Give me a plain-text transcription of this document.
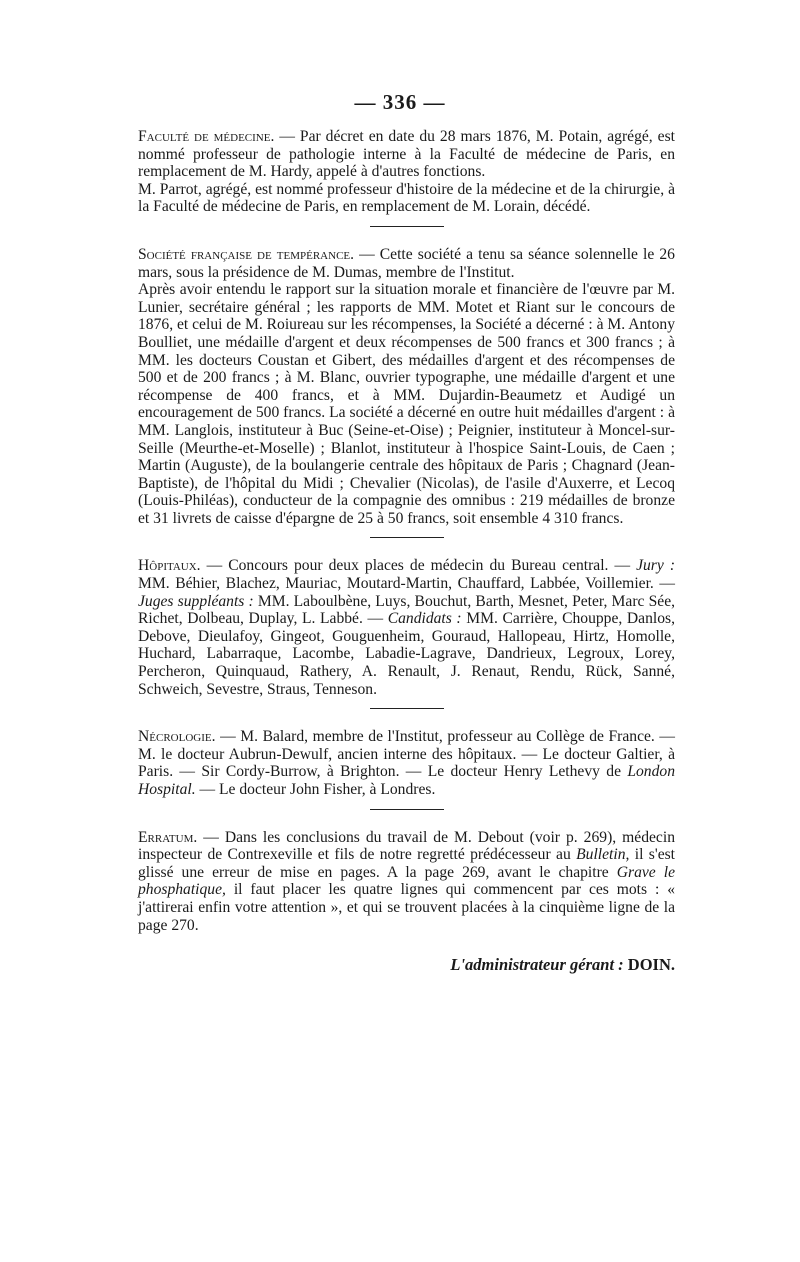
— 336 —

Faculté de médecine. — Par décret en date du 28 mars 1876, M. Potain, agrégé, est nommé professeur de pathologie interne à la Faculté de médecine de Paris, en remplacement de M. Hardy, appelé à d'autres fonctions.

M. Parrot, agrégé, est nommé professeur d'histoire de la médecine et de la chirurgie, à la Faculté de médecine de Paris, en remplacement de M. Lorain, décédé.

Société française de tempérance. — Cette société a tenu sa séance solennelle le 26 mars, sous la présidence de M. Dumas, membre de l'Institut.

Après avoir entendu le rapport sur la situation morale et financière de l'œuvre par M. Lunier, secrétaire général ; les rapports de MM. Motet et Riant sur le concours de 1876, et celui de M. Roiureau sur les récompenses, la Société a décerné : à M. Antony Boulliet, une médaille d'argent et deux récompenses de 500 francs et 300 francs ; à MM. les docteurs Coustan et Gibert, des médailles d'argent et des récompenses de 500 et de 200 francs ; à M. Blanc, ouvrier typographe, une médaille d'argent et une récompense de 400 francs, et à MM. Dujardin-Beaumetz et Audigé un encouragement de 500 francs. La société a décerné en outre huit médailles d'argent : à MM. Langlois, instituteur à Buc (Seine-et-Oise) ; Peignier, instituteur à Moncel-sur-Seille (Meurthe-et-Moselle) ; Blanlot, instituteur à l'hospice Saint-Louis, de Caen ; Martin (Auguste), de la boulangerie centrale des hôpitaux de Paris ; Chagnard (Jean-Baptiste), de l'hôpital du Midi ; Chevalier (Nicolas), de l'asile d'Auxerre, et Lecoq (Louis-Philéas), conducteur de la compagnie des omnibus : 219 médailles de bronze et 31 livrets de caisse d'épargne de 25 à 50 francs, soit ensemble 4 310 francs.

Hôpitaux. — Concours pour deux places de médecin du Bureau central. — Jury : MM. Béhier, Blachez, Mauriac, Moutard-Martin, Chauffard, Labbée, Voillemier. — Juges suppléants : MM. Laboulbène, Luys, Bouchut, Barth, Mesnet, Peter, Marc Sée, Richet, Dolbeau, Duplay, L. Labbé. — Candidats : MM. Carrière, Chouppe, Danlos, Debove, Dieulafoy, Gingeot, Gouguenheim, Gouraud, Hallopeau, Hirtz, Homolle, Huchard, Labarraque, Lacombe, Labadie-Lagrave, Dandrieux, Legroux, Lorey, Percheron, Quinquaud, Rathery, A. Renault, J. Renaut, Rendu, Rück, Sanné, Schweich, Sevestre, Straus, Tenneson.

Nécrologie. — M. Balard, membre de l'Institut, professeur au Collège de France. — M. le docteur Aubrun-Dewulf, ancien interne des hôpitaux. — Le docteur Galtier, à Paris. — Sir Cordy-Burrow, à Brighton. — Le docteur Henry Lethevy de London Hospital. — Le docteur John Fisher, à Londres.

Erratum. — Dans les conclusions du travail de M. Debout (voir p. 269), médecin inspecteur de Contrexeville et fils de notre regretté prédécesseur au Bulletin, il s'est glissé une erreur de mise en pages. A la page 269, avant le chapitre Grave le phosphatique, il faut placer les quatre lignes qui commencent par ces mots : « j'attirerai enfin votre attention », et qui se trouvent placées à la cinquième ligne de la page 270.

L'administrateur gérant : DOIN.
